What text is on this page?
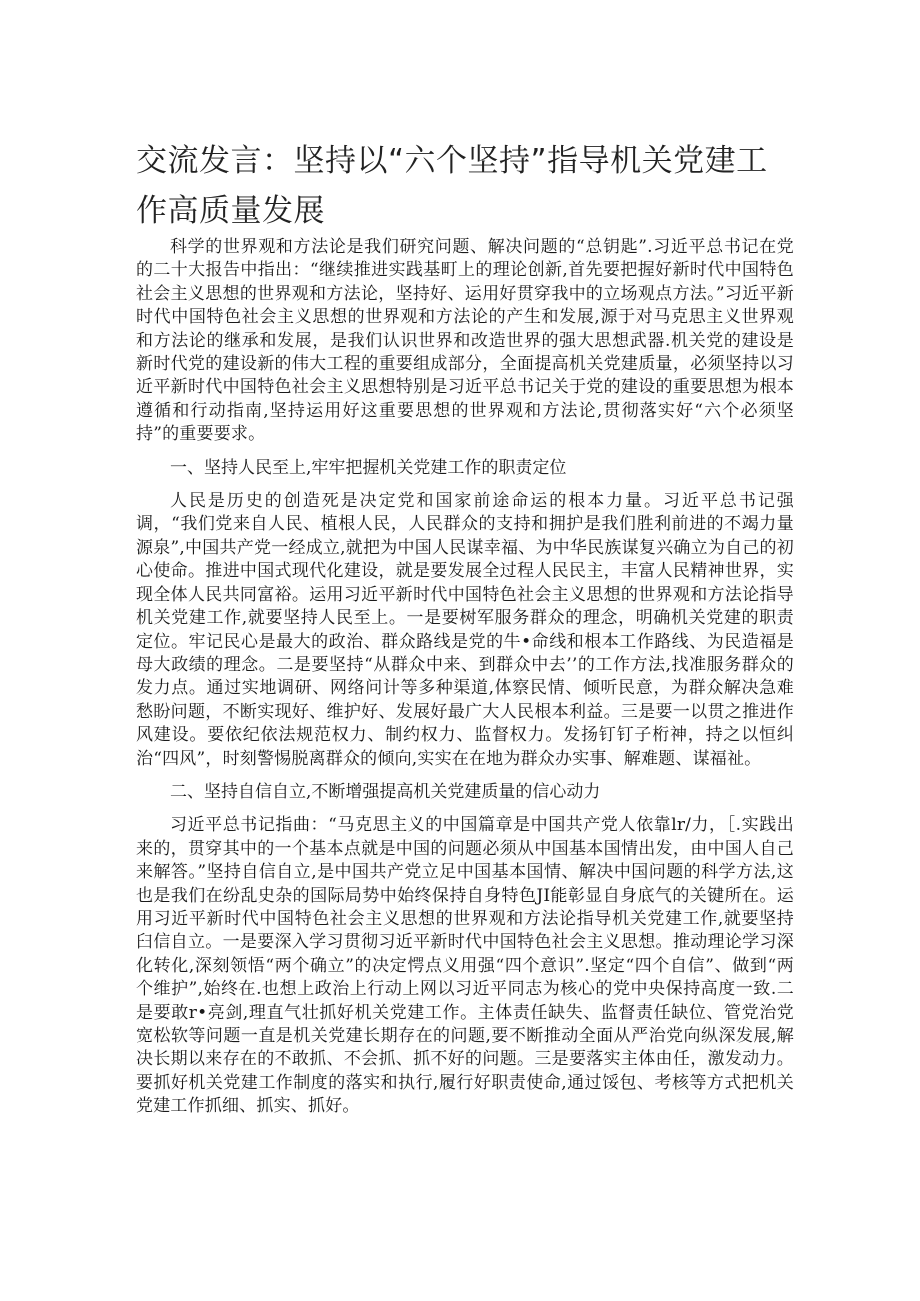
交流发言：坚持以“六个坚持”指导机关党建工作高质量发展

科学的世界观和方法论是我们研究问题、解决问题的“总钥匙”.习近平总书记在党的二十大报告中指出：“继续推进实践基町上的理论创新,首先要把握好新时代中国特色社会主义思想的世界观和方法论，坚持好、运用好贯穿我中的立场观点方法。”习近平新时代中国特色社会主义思想的世界观和方法论的产生和发展,源于对马克思主义世界观和方法论的继承和发展，是我们认识世界和改造世界的强大思想武器.机关党的建设是新时代党的建设新的伟大工程的重要组成部分，全面提高机关党建质量，必须坚持以习近平新时代中国特色社会主义思想特别是习近平总书记关于党的建设的重要思想为根本遵循和行动指南,坚持运用好这重要思想的世界观和方法论,贯彻落实好“六个必须坚持”的重要要求。

一、坚持人民至上,牢牢把握机关党建工作的职责定位

人民是历史的创造死是决定党和国家前途命运的根本力量。习近平总书记强调，“我们党来自人民、植根人民，人民群众的支持和拥护是我们胜利前进的不竭力量源泉”,中国共产党一经成立,就把为中国人民谋幸福、为中华民族谋复兴确立为自己的初心使命。推进中国式现代化建设，就是要发展全过程人民民主，丰富人民精神世界，实现全体人民共同富裕。运用习近平新时代中国特色社会主义思想的世界观和方法论指导机关党建工作,就要坚持人民至上。一是要树军服务群众的理念，明确机关党建的职责定位。牢记民心是最大的政治、群众路线是党的牛•命线和根本工作路线、为民造福是母大政绩的理念。二是要坚持“从群众中来、到群众中去’’的工作方法,找准服务群众的发力点。通过实地调研、网络问计等多种渠道,体察民情、倾听民意，为群众解决急难愁盼问题，不断实现好、维护好、发展好最广大人民根本利益。三是要一以贯之推进作风建设。要依纪依法规范权力、制约权力、监督权力。发扬钉钉子桁神，持之以恒纠治“四风”，时刻警惕脱离群众的倾向,实实在在地为群众办实事、解难题、谋福祉。

二、坚持自信自立,不断增强提高机关党建质量的信心动力

习近平总书记指曲：“马克思主义的中国篇章是中国共产党人依靠lr/力，［.实践出来的，贯穿其中的一个基本点就是中国的问题必须从中国基本国情出发，由中国人自己来解答。”坚持自信自立,是中国共产党立足中国基本国情、解决中国问题的科学方法,这也是我们在纷乱史杂的国际局势中始终保持自身特色JI能彰显自身底气的关键所在。运用习近平新时代中国特色社会主义思想的世界观和方法论指导机关党建工作,就要坚持臼信自立。一是要深入学习贯彻习近平新时代中国特色社会主义思想。推动理论学习深化转化,深刻领悟“两个确立”的决定愕点义用强“四个意识”.坚定“四个自信”、做到“两个维护”,始终在.也想上政治上行动上网以习近平同志为核心的党中央保持高度一致.二是要敢r•亮剑,理直气壮抓好机关党建工作。主体责任缺失、监督责任缺位、管党治党宽松软等问题一直是机关党建长期存在的问题,要不断推动全面从严治党向纵深发展,解决长期以来存在的不敢抓、不会抓、抓不好的问题。三是要落实主体由任，激发动力。要抓好机关党建工作制度的落实和执行,履行好职责使命,通过馁包、考核等方式把机关党建工作抓细、抓实、抓好。
